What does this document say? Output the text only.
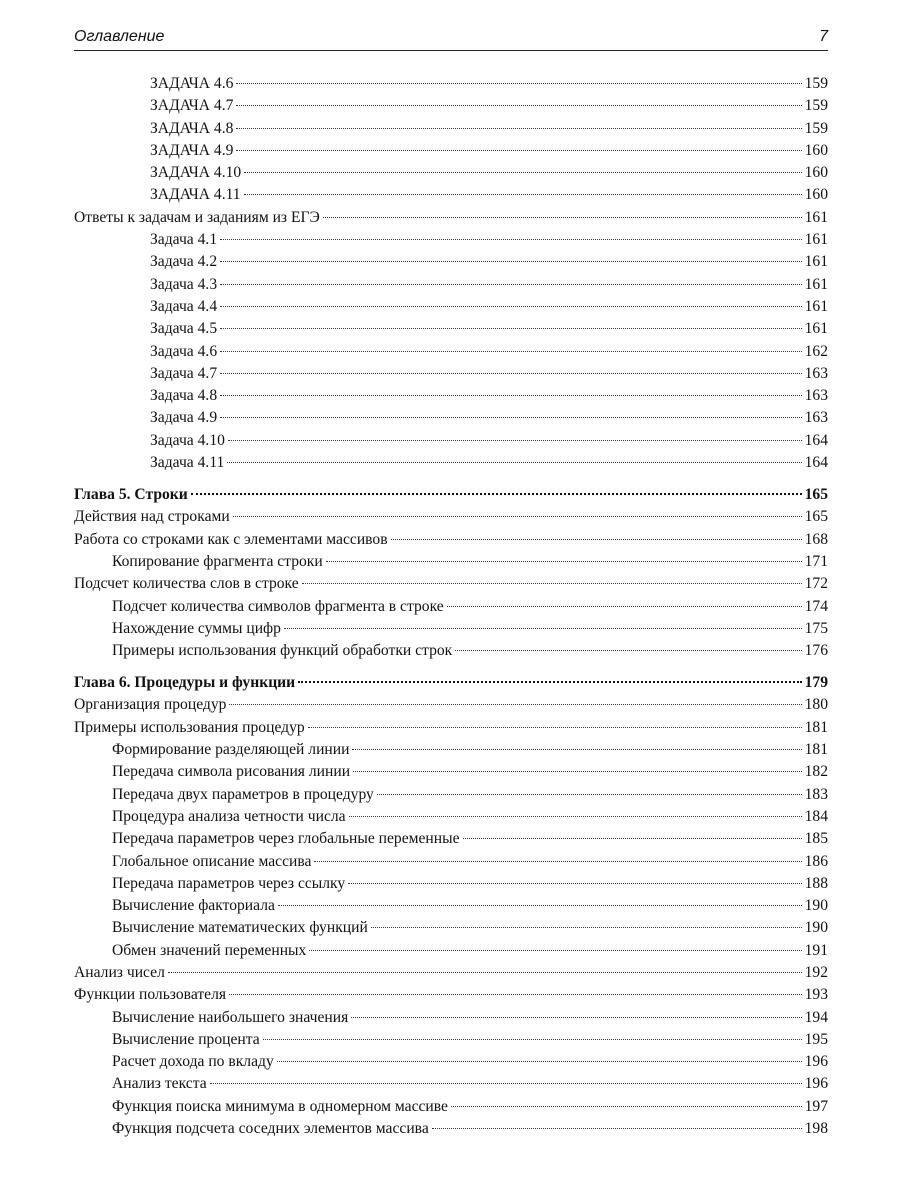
Оглавление	7
ЗАДАЧА 4.6	159
ЗАДАЧА 4.7	159
ЗАДАЧА 4.8	159
ЗАДАЧА 4.9	160
ЗАДАЧА 4.10	160
ЗАДАЧА 4.11	160
Ответы к задачам и заданиям из ЕГЭ	161
Задача 4.1	161
Задача 4.2	161
Задача 4.3	161
Задача 4.4	161
Задача 4.5	161
Задача 4.6	162
Задача 4.7	163
Задача 4.8	163
Задача 4.9	163
Задача 4.10	164
Задача 4.11	164
Глава 5. Строки	165
Действия над строками	165
Работа со строками как с элементами массивов	168
Копирование фрагмента строки	171
Подсчет количества слов в строке	172
Подсчет количества символов фрагмента в строке	174
Нахождение суммы цифр	175
Примеры использования функций обработки строк	176
Глава 6. Процедуры и функции	179
Организация процедур	180
Примеры использования процедур	181
Формирование разделяющей линии	181
Передача символа рисования линии	182
Передача двух параметров в процедуру	183
Процедура анализа четности числа	184
Передача параметров через глобальные переменные	185
Глобальное описание массива	186
Передача параметров через ссылку	188
Вычисление факториала	190
Вычисление математических функций	190
Обмен значений переменных	191
Анализ чисел	192
Функции пользователя	193
Вычисление наибольшего значения	194
Вычисление процента	195
Расчет дохода по вкладу	196
Анализ текста	196
Функция поиска минимума в одномерном массиве	197
Функция подсчета соседних элементов массива	198
